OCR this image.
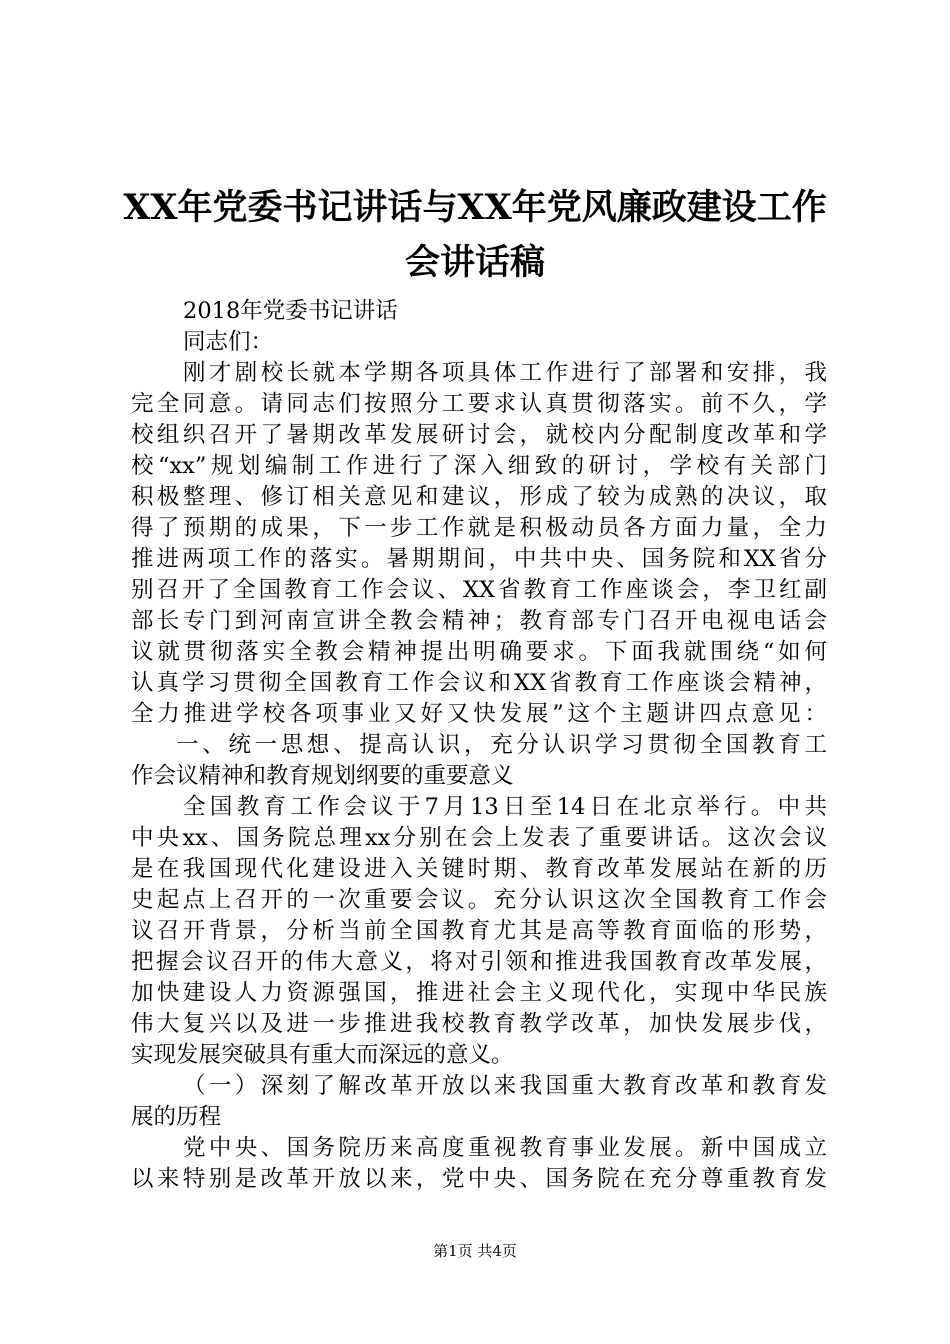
XX年党委书记讲话与XX年党风廉政建设工作
会讲话稿
2018年党委书记讲话
同志们：
刚才剧校长就本学期各项具体工作进行了部署和安排，我
完全同意。请同志们按照分工要求认真贯彻落实。前不久，学
校组织召开了暑期改革发展研讨会，就校内分配制度改革和学
校“xx”规划编制工作进行了深入细致的研讨，学校有关部门
积极整理、修订相关意见和建议，形成了较为成熟的决议，取
得了预期的成果，下一步工作就是积极动员各方面力量，全力
推进两项工作的落实。暑期期间，中共中央、国务院和XX省分
别召开了全国教育工作会议、XX省教育工作座谈会，李卫红副
部长专门到河南宣讲全教会精神；教育部专门召开电视电话会
议就贯彻落实全教会精神提出明确要求。下面我就围绕“如何
认真学习贯彻全国教育工作会议和XX省教育工作座谈会精神，
全力推进学校各项事业又好又快发展”这个主题讲四点意见：
一、统一思想、提高认识，充分认识学习贯彻全国教育工
作会议精神和教育规划纲要的重要意义
全国教育工作会议于7月13日至14日在北京举行。中共
中央xx、国务院总理xx分别在会上发表了重要讲话。这次会议
是在我国现代化建设进入关键时期、教育改革发展站在新的历
史起点上召开的一次重要会议。充分认识这次全国教育工作会
议召开背景，分析当前全国教育尤其是高等教育面临的形势，
把握会议召开的伟大意义，将对引领和推进我国教育改革发展，
加快建设人力资源强国，推进社会主义现代化，实现中华民族
伟大复兴以及进一步推进我校教育教学改革，加快发展步伐，
实现发展突破具有重大而深远的意义。
（一）深刻了解改革开放以来我国重大教育改革和教育发
展的历程
党中央、国务院历来高度重视教育事业发展。新中国成立
以来特别是改革开放以来，党中央、国务院在充分尊重教育发
第1页 共4页
